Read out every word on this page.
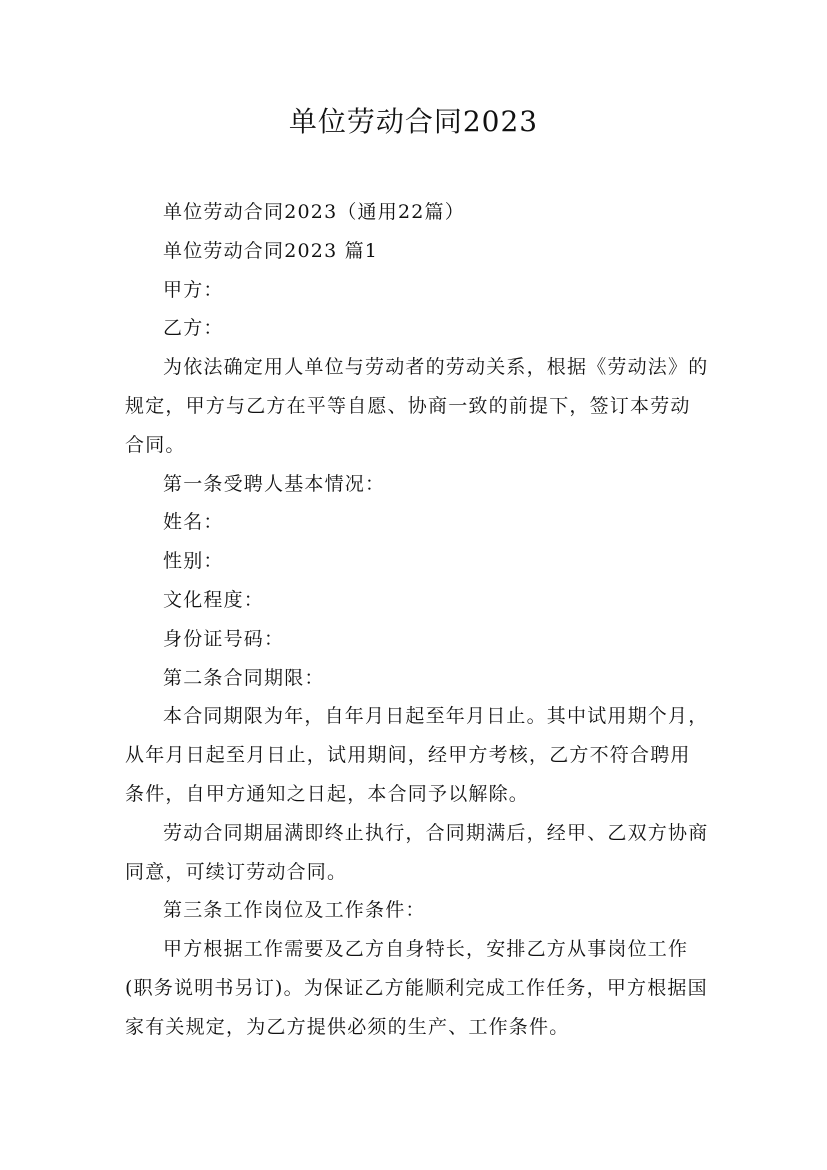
单位劳动合同2023

单位劳动合同2023（通用22篇）

单位劳动合同2023 篇1

甲方：

乙方：

为依法确定用人单位与劳动者的劳动关系，根据《劳动法》的规定，甲方与乙方在平等自愿、协商一致的前提下，签订本劳动合同。

第一条受聘人基本情况：

姓名：

性别：

文化程度：

身份证号码：

第二条合同期限：

本合同期限为年，自年月日起至年月日止。其中试用期个月，从年月日起至月日止，试用期间，经甲方考核，乙方不符合聘用条件，自甲方通知之日起，本合同予以解除。

劳动合同期届满即终止执行，合同期满后，经甲、乙双方协商同意，可续订劳动合同。

第三条工作岗位及工作条件：

甲方根据工作需要及乙方自身特长，安排乙方从事岗位工作(职务说明书另订)。为保证乙方能顺利完成工作任务，甲方根据国家有关规定，为乙方提供必须的生产、工作条件。
